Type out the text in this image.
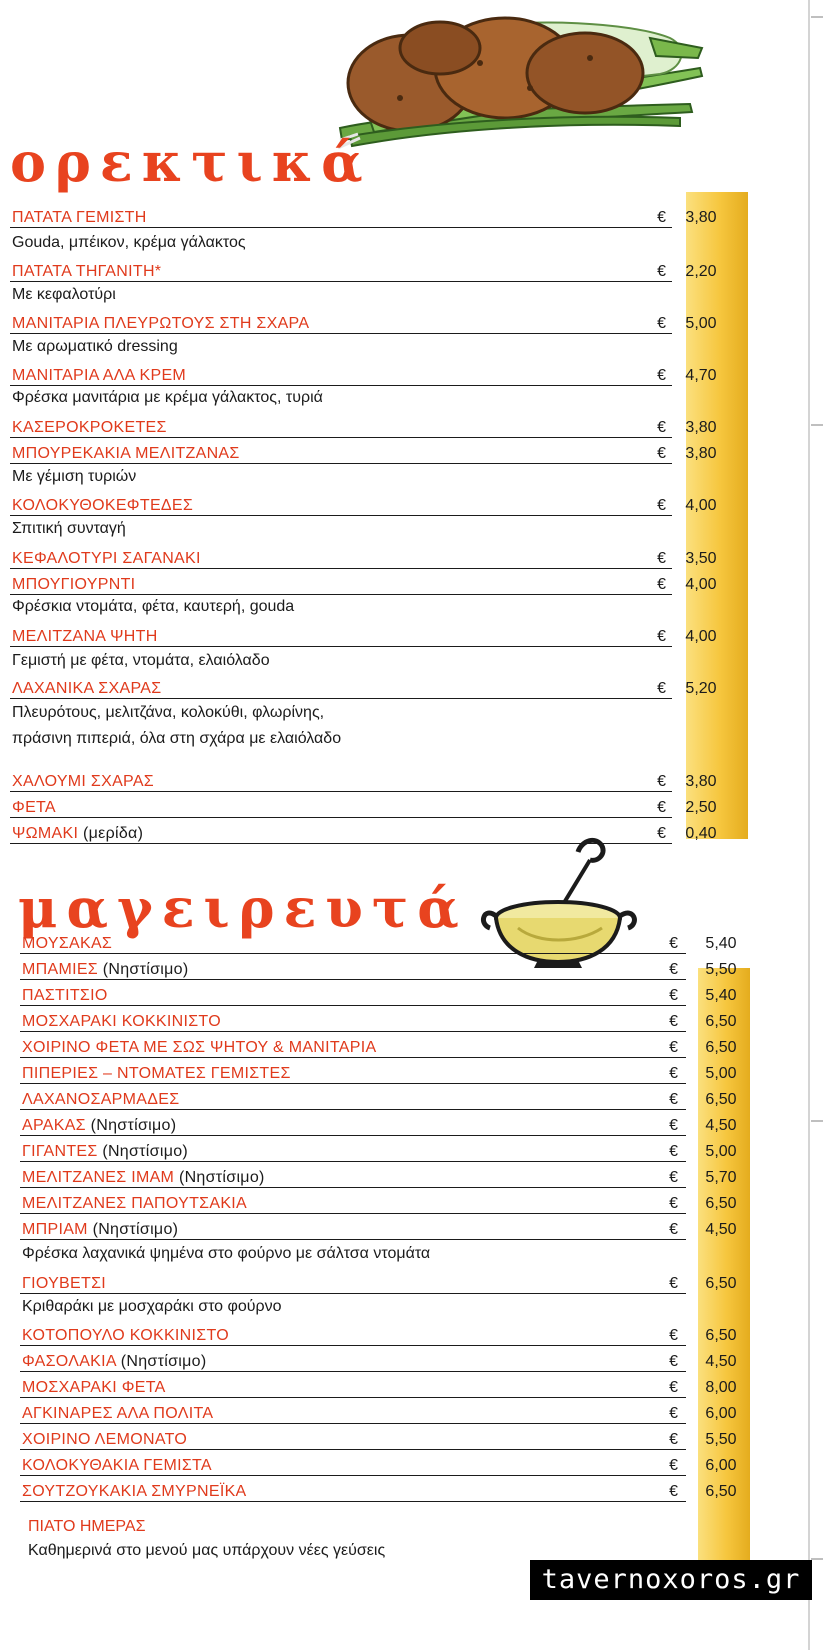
ορεκτικά
ΠΑΤΑΤΑ ΓΕΜΙΣΤΗ	€	3,80
Gouda, μπέικον, κρέμα γάλακτος
ΠΑΤΑΤΑ ΤΗΓΑΝΙΤΗ*	€	2,20
Με κεφαλοτύρι
ΜΑΝΙΤΑΡΙΑ ΠΛΕΥΡΩΤΟΥΣ ΣΤΗ ΣΧΑΡΑ	€	5,00
Με αρωματικό dressing
ΜΑΝΙΤΑΡΙΑ ΑΛΑ ΚΡΕΜ	€	4,70
Φρέσκα μανιτάρια με κρέμα γάλακτος, τυριά
ΚΑΣΕΡΟΚΡΟΚΕΤΕΣ	€	3,80
ΜΠΟΥΡΕΚΑΚΙΑ ΜΕΛΙΤΖΑΝΑΣ	€	3,80
Με γέμιση τυριών
ΚΟΛΟΚΥΘΟΚΕΦΤΕΔΕΣ	€	4,00
Σπιτική συνταγή
ΚΕΦΑΛΟΤΥΡΙ ΣΑΓΑΝΑΚΙ	€	3,50
ΜΠΟΥΓΙΟΥΡΝΤΙ	€	4,00
Φρέσκια ντομάτα, φέτα, καυτερή, gouda
ΜΕΛΙΤΖΑΝΑ ΨΗΤΗ	€	4,00
Γεμιστή με φέτα, ντομάτα, ελαιόλαδο
ΛΑΧΑΝΙΚΑ ΣΧΑΡΑΣ	€	5,20
Πλευρότους, μελιτζάνα, κολοκύθι, φλωρίνης,
πράσινη πιπεριά, όλα στη σχάρα με ελαιόλαδο
ΧΑΛΟΥΜΙ ΣΧΑΡΑΣ	€	3,80
ΦΕΤΑ	€	2,50
ΨΩΜΑΚΙ (μερίδα)	€	0,40
μαγειρευτά
ΜΟΥΣΑΚΑΣ	€	5,40
ΜΠΑΜΙΕΣ (Νηστίσιμο)	€	5,50
ΠΑΣΤΙΤΣΙΟ	€	5,40
ΜΟΣΧΑΡΑΚΙ ΚΟΚΚΙΝΙΣΤΟ	€	6,50
ΧΟΙΡΙΝΟ ΦΕΤΑ ΜΕ ΣΩΣ ΨΗΤΟΥ & ΜΑΝΙΤΑΡΙΑ	€	6,50
ΠΙΠΕΡΙΕΣ – ΝΤΟΜΑΤΕΣ ΓΕΜΙΣΤΕΣ	€	5,00
ΛΑΧΑΝΟΣΑΡΜΑΔΕΣ	€	6,50
ΑΡΑΚΑΣ (Νηστίσιμο)	€	4,50
ΓΙΓΑΝΤΕΣ (Νηστίσιμο)	€	5,00
ΜΕΛΙΤΖΑΝΕΣ ΙΜΑΜ (Νηστίσιμο)	€	5,70
ΜΕΛΙΤΖΑΝΕΣ ΠΑΠΟΥΤΣΑΚΙΑ	€	6,50
ΜΠΡΙΑΜ (Νηστίσιμο)	€	4,50
Φρέσκα λαχανικά ψημένα στο φούρνο με σάλτσα ντομάτα
ΓΙΟΥΒΕΤΣΙ	€	6,50
Κριθαράκι με μοσχαράκι στο φούρνο
ΚΟΤΟΠΟΥΛΟ ΚΟΚΚΙΝΙΣΤΟ	€	6,50
ΦΑΣΟΛΑΚΙΑ (Νηστίσιμο)	€	4,50
ΜΟΣΧΑΡΑΚΙ ΦΕΤΑ	€	8,00
ΑΓΚΙΝΑΡΕΣ ΑΛΑ ΠΟΛΙΤΑ	€	6,00
ΧΟΙΡΙΝΟ ΛΕΜΟΝΑΤΟ	€	5,50
ΚΟΛΟΚΥΘΑΚΙΑ ΓΕΜΙΣΤΑ	€	6,00
ΣΟΥΤΖΟΥΚΑΚΙΑ ΣΜΥΡΝΕΪΚΑ	€	6,50
ΠΙΑΤΟ ΗΜΕΡΑΣ
Καθημερινά στο μενού μας υπάρχουν νέες γεύσεις
tavernoxoros.gr
